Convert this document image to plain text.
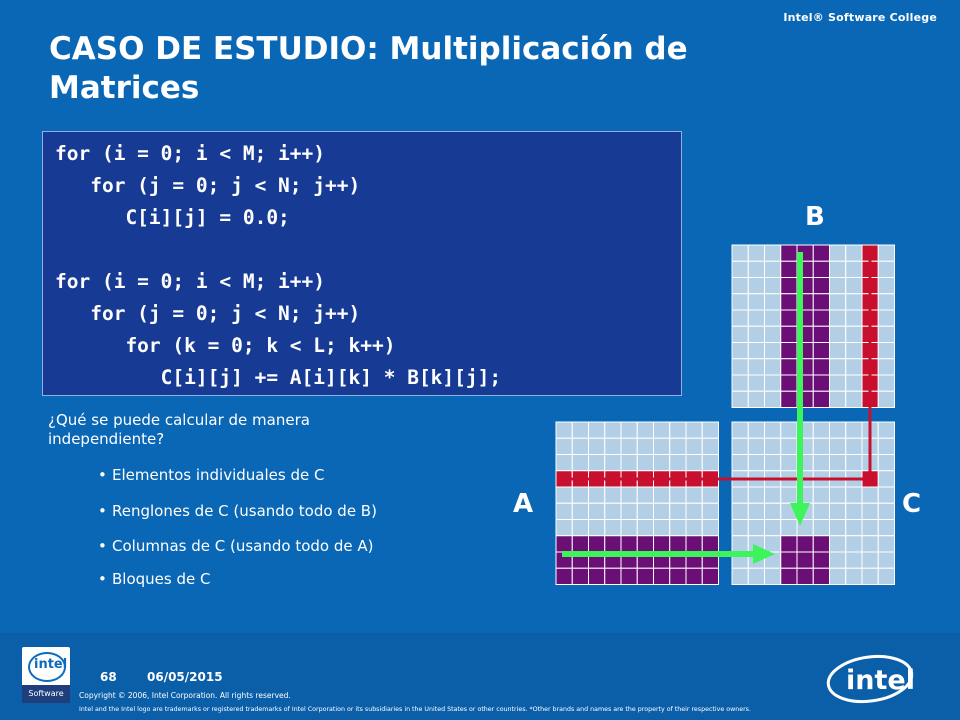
Intel® Software College
CASO DE ESTUDIO: Multiplicación de Matrices
for (i = 0; i < M; i++)
for (j = 0; j < N; j++)
C[i][j] = 0.0;
for (i = 0; i < M; i++)
for (j = 0; j < N; j++)
for (k = 0; k < L; k++)
C[i][j] += A[i][k] * B[k][j];
¿Qué se puede calcular de manera independiente?
• Elementos individuales de C
• Renglones de C (usando todo de B)
• Columnas de C (usando todo de A)
• Bloques de C
B
A	C
intel
Software
68	06/05/2015
Copyright © 2006, Intel Corporation. All rights reserved.
Intel and the Intel logo are trademarks or registered trademarks of Intel Corporation or its subsidiaries in the United States or other countries. *Other brands and names are the property of their respective owners.
intel
